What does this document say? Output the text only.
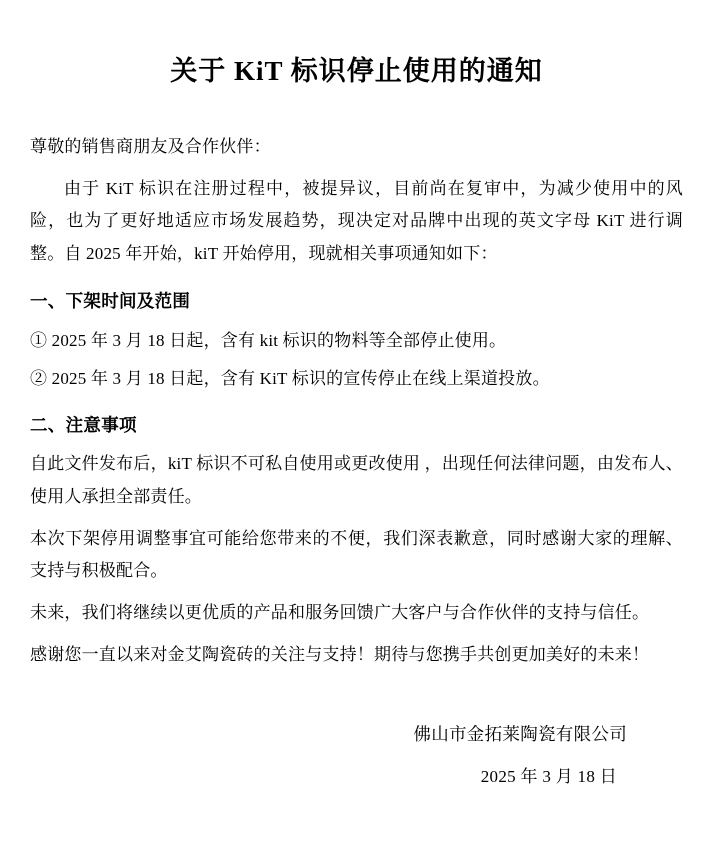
关于 KiT 标识停止使用的通知

尊敬的销售商朋友及合作伙伴：

由于 KiT 标识在注册过程中，被提异议，目前尚在复审中，为减少使用中的风险，也为了更好地适应市场发展趋势，现决定对品牌中出现的英文字母 KiT 进行调整。自 2025 年开始，kiT 开始停用，现就相关事项通知如下：

一、下架时间及范围

① 2025 年 3 月 18 日起，含有 kit 标识的物料等全部停止使用。

② 2025 年 3 月 18 日起，含有 KiT 标识的宣传停止在线上渠道投放。

二、注意事项

自此文件发布后，kiT 标识不可私自使用或更改使用 ，出现任何法律问题，由发布人、使用人承担全部责任。

本次下架停用调整事宜可能给您带来的不便，我们深表歉意，同时感谢大家的理解、支持与积极配合。

未来，我们将继续以更优质的产品和服务回馈广大客户与合作伙伴的支持与信任。

感谢您一直以来对金艾陶瓷砖的关注与支持！期待与您携手共创更加美好的未来！

佛山市金拓莱陶瓷有限公司
2025 年 3 月 18 日
